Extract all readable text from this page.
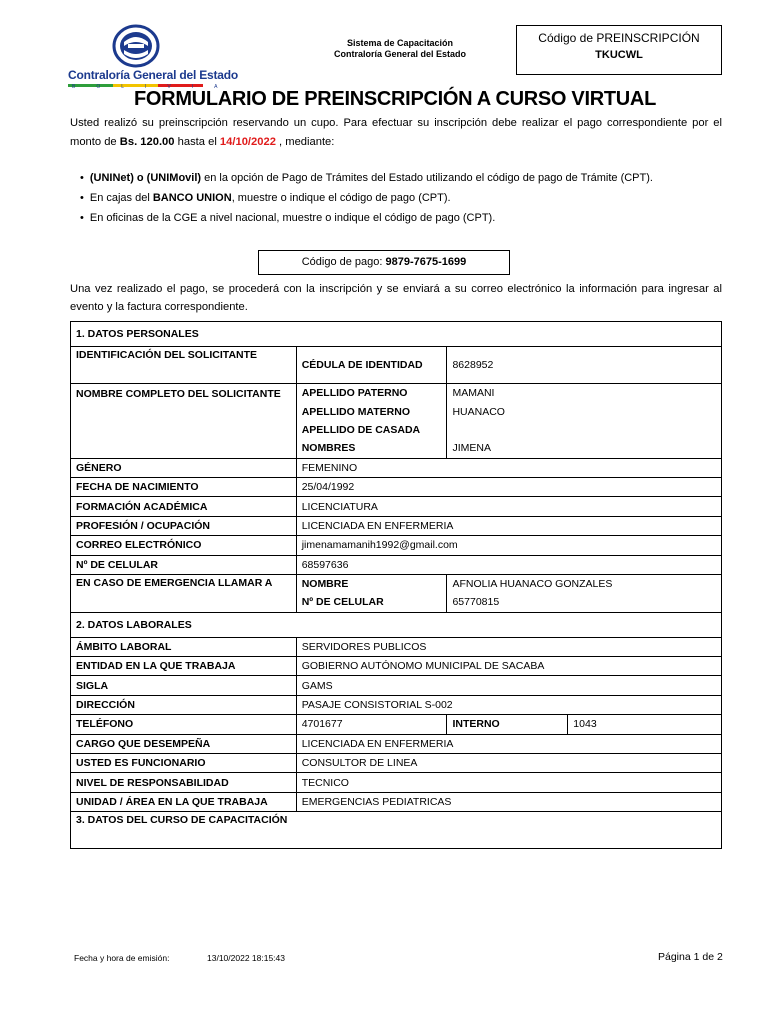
Contraloría General del Estado
BOLIVIA
Sistema de Capacitación
Contraloría General del Estado
Código de PREINSCRIPCIÓN
TKUCWL
FORMULARIO DE PREINSCRIPCIÓN A CURSO VIRTUAL
Usted realizó su preinscripción reservando un cupo. Para efectuar su inscripción debe realizar el pago correspondiente por el monto de Bs. 120.00 hasta el 14/10/2022 , mediante:
• (UNINet) o (UNIMovil) en la opción de Pago de Trámites del Estado utilizando el código de pago de Trámite (CPT).
• En cajas del BANCO UNION, muestre o indique el código de pago (CPT).
• En oficinas de la CGE a nivel nacional, muestre o indique el código de pago (CPT).
Código de pago: 9879-7675-1699
Una vez realizado el pago, se procederá con la inscripción y se enviará a su correo electrónico la información para ingresar al evento y la factura correspondiente.
1. DATOS PERSONALES			
IDENTIFICACIÓN DEL SOLICITANTE	CÉDULA DE IDENTIDAD	8628952	
NOMBRE COMPLETO DEL SOLICITANTE	APELLIDO PATERNO	MAMANI	
	APELLIDO MATERNO	HUANACO	
	APELLIDO DE CASADA		
	NOMBRES	JIMENA	
GÉNERO	FEMENINO		
FECHA DE NACIMIENTO	25/04/1992		
FORMACIÓN ACADÉMICA	LICENCIATURA		
PROFESIÓN / OCUPACIÓN	LICENCIADA EN ENFERMERIA		
CORREO ELECTRÓNICO	jimenamamanih1992@gmail.com		
Nº DE CELULAR	68597636		
EN CASO DE EMERGENCIA LLAMAR A	NOMBRE	AFNOLIA HUANACO GONZALES	
	Nº DE CELULAR	65770815	
2. DATOS LABORALES			
ÁMBITO LABORAL	SERVIDORES PUBLICOS		
ENTIDAD EN LA QUE TRABAJA	GOBIERNO AUTÓNOMO MUNICIPAL DE SACABA		
SIGLA	GAMS		
DIRECCIÓN	PASAJE CONSISTORIAL S-002		
TELÉFONO	4701677	INTERNO	1043
CARGO QUE DESEMPEÑA	LICENCIADA EN ENFERMERIA		
USTED ES FUNCIONARIO	CONSULTOR DE LINEA		
NIVEL DE RESPONSABILIDAD	TECNICO		
UNIDAD / ÁREA EN LA QUE TRABAJA	EMERGENCIAS PEDIATRICAS		
3. DATOS DEL CURSO DE CAPACITACIÓN			
Fecha y hora de emisión:	13/10/2022 18:15:43	Página 1 de 2
